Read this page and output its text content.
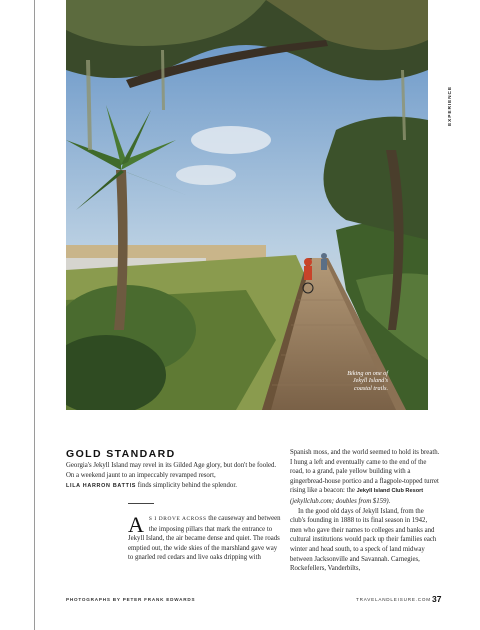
Biking on one of
Jekyll Island's
coastal trails.
EXPERIENCE
GOLD STANDARD
Georgia's Jekyll Island may revel in its Gilded Age glory, but don't be fooled. On a weekend jaunt to an impeccably revamped resort,
LILA HARRON BATTIS finds simplicity behind the splendor.
A S I DROVE ACROSS the causeway and between the imposing pillars that mark the entrance to Jekyll Island, the air became dense and quiet. The roads emptied out, the wide skies of the marshland gave way to gnarled red cedars and live oaks dripping with

Spanish moss, and the world seemed to hold its breath. I hung a left and eventually came to the end of the road, to a grand, pale yellow building with a gingerbread-house portico and a flagpole-topped turret rising like a beacon: the Jekyll Island Club Resort (jekyllclub.com; doubles from $159).

In the good old days of Jekyll Island, from the club's founding in 1888 to its final season in 1942, men who gave their names to colleges and banks and cultural institutions would pack up their families each winter and head south, to a speck of land midway between Jacksonville and Savannah. Carnegies, Rockefellers, Vanderbilts,

PHOTOGRAPHS BY PETER FRANK EDWARDS	TRAVELANDLEISURE.COM 37
